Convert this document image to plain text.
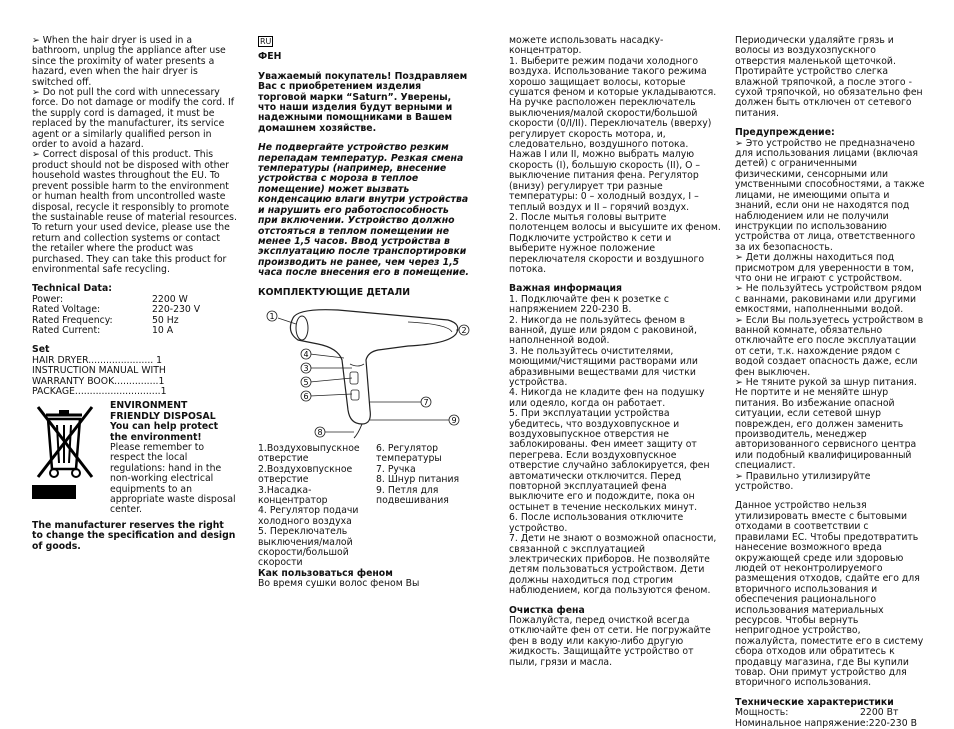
➢ When the hair dryer is used in a bathroom, unplug the appliance after use since the proximity of water presents a hazard, even when the hair dryer is switched off.

➢ Do not pull the cord with unnecessary force. Do not damage or modify the cord. If the supply cord is damaged, it must be replaced by the manufacturer, its service agent or a similarly qualified person in order to avoid a hazard.

➢ Correct disposal of this product. This product should not be disposed with other household wastes throughout the EU. To prevent possible harm to the environment or human health from uncontrolled waste disposal, recycle it responsibly to promote the sustainable reuse of material resources. To return your used device, please use the return and collection systems or contact the retailer where the product was purchased. They can take this product for environmental safe recycling.

Technical Data:

Power:	2200 W
Rated Voltage:	220-230 V
Rated Frequency:	50 Hz
Rated Current:	10 A

Set

HAIR DRYER...................... 1

INSTRUCTION MANUAL WITH

WARRANTY BOOK...............1

PACKAGE.............................1

ENVIRONMENT FRIENDLY DISPOSAL

You can help protect the environment!

Please remember to respect the local regulations: hand in the non-working electrical equipments to an appropriate waste disposal center.

The manufacturer reserves the right to change the specification and design of goods.

RU

ФЕН

Уважаемый покупатель! Поздравляем Вас с приобретением изделия торговой марки “Saturn”. Уверены, что наши изделия будут верными и надежными помощниками в Вашем домашнем хозяйстве.

Не подвергайте устройство резким перепадам температур. Резкая смена температуры (например, внесение устройства с мороза в теплое помещение) может вызвать конденсацию влаги внутри устройства и нарушить его работоспособность при включении. Устройство должно отстояться в теплом помещении не менее 1,5 часов. Ввод устройства в эксплуатацию после транспортировки производить не ранее, чем через 1,5 часа после внесения его в помещение.

КОМПЛЕКТУЮЩИЕ ДЕТАЛИ

1
2
3
4
5
6
7
8
9

1.Воздуховыпускное отверстие

2.Воздуховпускное отверстие

3.Насадка-концентратор

4. Регулятор подачи холодного воздуха

5. Переключатель выключения/малой скорости/большой скорости

6. Регулятор температуры

7. Ручка

8. Шнур питания

9. Петля для подвешивания

Как пользоваться феном

Во время сушки волос феном Вы

можете использовать насадку-концентратор.

1. Выберите режим подачи холодного воздуха. Использование такого режима хорошо защищает волосы, которые сушатся феном и которые укладываются. На ручке расположен переключатель выключения/малой скорости/большой скорости (0/I/II). Переключатель (вверху) регулирует скорость мотора, и, следовательно, воздушного потока. Нажав I или II, можно выбрать малую скорость (I), большую скорость (II), O – выключение питания фена. Регулятор (внизу) регулирует три разные температуры: 0 – холодный воздух, I – теплый воздух и II – горячий воздух.

2. После мытья головы вытрите полотенцем волосы и высушите их феном. Подключите устройство к сети и выберите нужное положение переключателя скорости и воздушного потока.

Важная информация

1. Подключайте фен к розетке с напряжением 220-230 В.

2. Никогда не пользуйтесь феном в ванной, душе или рядом с раковиной, наполненной водой.

3. Не пользуйтесь очистителями, моющими/чистящими растворами или абразивными веществами для чистки устройства.

4. Никогда не кладите фен на подушку или одеяло, когда он работает.

5. При эксплуатации устройства убедитесь, что воздуховпускное и воздуховыпускное отверстия не заблокированы. Фен имеет защиту от перегрева. Если воздуховпускное отверстие случайно заблокируется, фен автоматически отключится. Перед повторной эксплуатацией фена выключите его и подождите, пока он остынет в течение нескольких минут.

6. После использования отключите устройство.

7. Дети не знают о возможной опасности, связанной с эксплуатацией электрических приборов. Не позволяйте детям пользоваться устройством. Дети должны находиться под строгим наблюдением, когда пользуются феном.

Очистка фена

Пожалуйста, перед очисткой всегда отключайте фен от сети. Не погружайте фен в воду или какую-либо другую жидкость. Защищайте устройство от пыли, грязи и масла.

Периодически удаляйте грязь и волосы из воздухозпускного отверстия маленькой щеточкой. Протирайте устройство слегка влажной тряпочкой, а после этого - сухой тряпочкой, но обязательно фен должен быть отключен от сетевого питания.

Предупреждение:

➢ Это устройство не предназначено для использования лицами (включая детей) с ограниченными физическими, сенсорными или умственными способностями, а также лицами, не имеющими опыта и знаний, если они не находятся под наблюдением или не получили инструкции по использованию устройства от лица, ответственного за их безопасность.

➢ Дети должны находиться под присмотром для уверенности в том, что они не играют с устройством.

➢ Не пользуйтесь устройством рядом с ваннами, раковинами или другими емкостями, наполненными водой.

➢ Если Вы пользуетесь устройством в ванной комнате, обязательно отключайте его после эксплуатации от сети, т.к. нахождение рядом с водой создает опасность даже, если фен выключен.

➢ Не тяните рукой за шнур питания. Не портите и не меняйте шнур питания. Во избежание опасной ситуации, если сетевой шнур поврежден, его должен заменить производитель, менеджер авторизованного сервисного центра или подобный квалифицированный специалист.

➢ Правильно утилизируйте устройство.

Данное устройство нельзя утилизировать вместе с бытовыми отходами в соответствии с правилами ЕС. Чтобы предотвратить нанесение возможного вреда окружающей среде или здоровью людей от неконтролируемого размещения отходов, сдайте его для вторичного использования и обеспечения рационального использования материальных ресурсов. Чтобы вернуть непригодное устройство, пожалуйста, поместите его в систему сбора отходов или обратитесь к продавцу магазина, где Вы купили товар. Они примут устройство для вторичного использования.

Технические характеристики

Мощность:	2200 Вт
Номинальное напряжение: 220-230 В
